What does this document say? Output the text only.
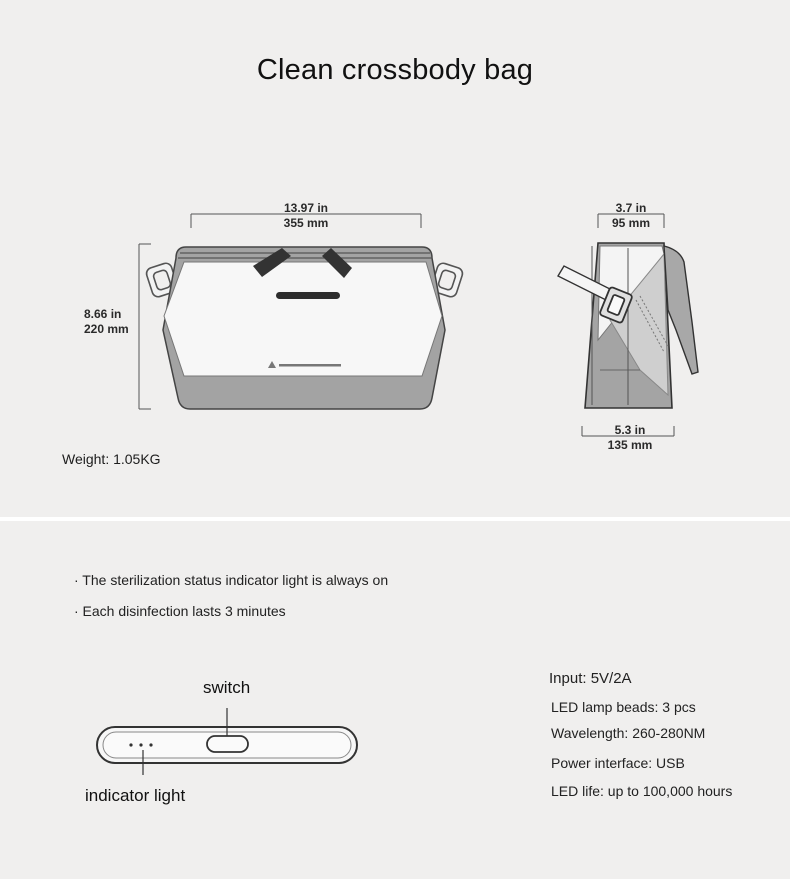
Clean crossbody bag
13.97 in
355 mm
8.66 in
220 mm
3.7 in
95 mm
5.3 in
135 mm
Weight: 1.05KG
· The sterilization status indicator light is always on
· Each disinfection lasts 3 minutes
switch
indicator light
Input: 5V/2A
LED lamp beads: 3 pcs
Wavelength: 260-280NM
Power interface: USB
LED life: up to 100,000 hours
